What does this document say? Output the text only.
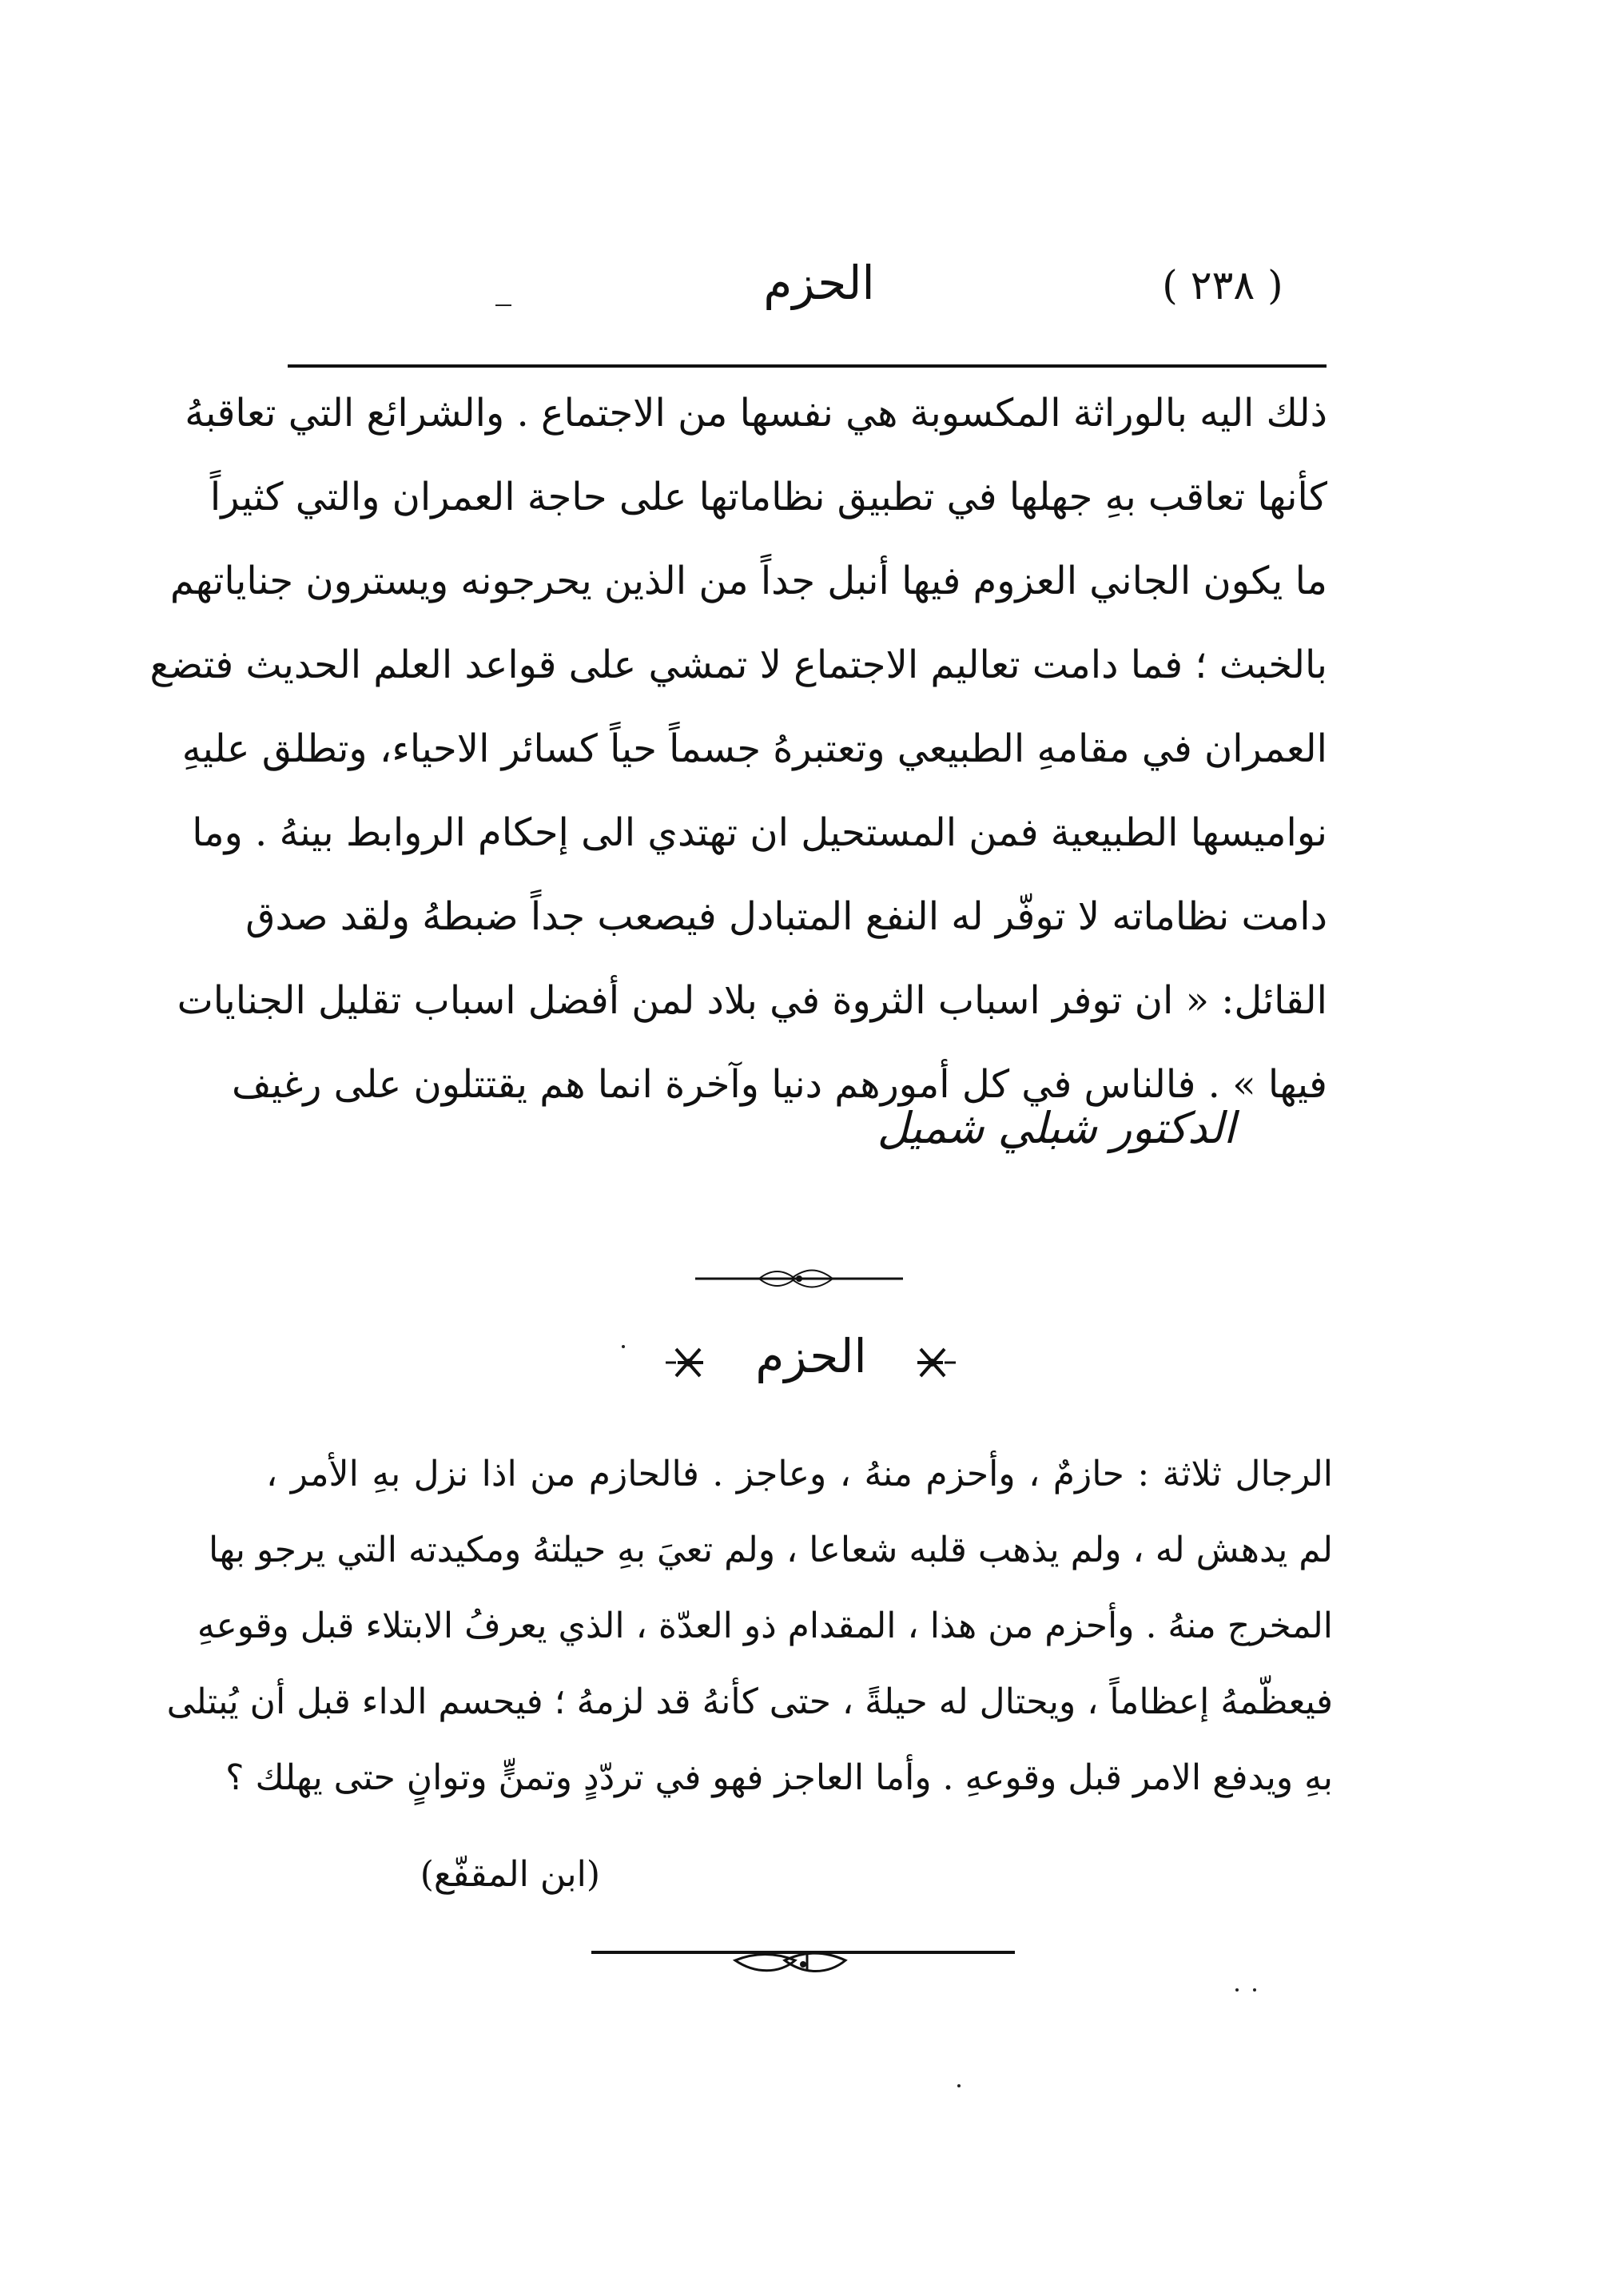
( ٢٣٨ )
الحزم
ذلك اليه بالوراثة المكسوبة هي نفسها من الاجتماع . والشرائع التي تعاقبهُ
كأنها تعاقب بهِ جهلها في تطبيق نظاماتها على حاجة العمران والتي كثيراً
ما يكون الجاني العزوم فيها أنبل جداً من الذين يحرجونه ويسترون جناياتهم
بالخبث ؛ فما دامت تعاليم الاجتماع لا تمشي على قواعد العلم الحديث فتضع
العمران في مقامهِ الطبيعي وتعتبرهُ جسماً حياً كسائر الاحياء، وتطلق عليهِ
نواميسها الطبيعية فمن المستحيل ان تهتدي الى إحكام الروابط بينهُ . وما
دامت نظاماته لا توفّر له النفع المتبادل فيصعب جداً ضبطهُ ولقد صدق
القائل: « ان توفر اسباب الثروة في بلاد لمن أفضل اسباب تقليل الجنايات
فيها » . فالناس في كل أمورهم دنيا وآخرة انما هم يقتتلون على رغيف
الدكتور شبلي شميل
الحزم
الرجال ثلاثة : حازمٌ ، وأحزم منهُ ، وعاجز . فالحازم من اذا نزل بهِ الأمر ،
لم يدهش له ، ولم يذهب قلبه شعاعا ، ولم تعيَ بهِ حيلتهُ ومكيدته التي يرجو بها
المخرج منهُ . وأحزم من هذا ، المقدام ذو العدّة ، الذي يعرفُ الابتلاء قبل وقوعهِ
فيعظّمهُ إعظاماً ، ويحتال له حيلةً ، حتى كأنهُ قد لزمهُ ؛ فيحسم الداء قبل أن يُبتلى
بهِ ويدفع الامر قبل وقوعهِ . وأما العاجز فهو في تردّدٍ وتمنٍّ وتوانٍ حتى يهلك ؟
(ابن المقفّع)
